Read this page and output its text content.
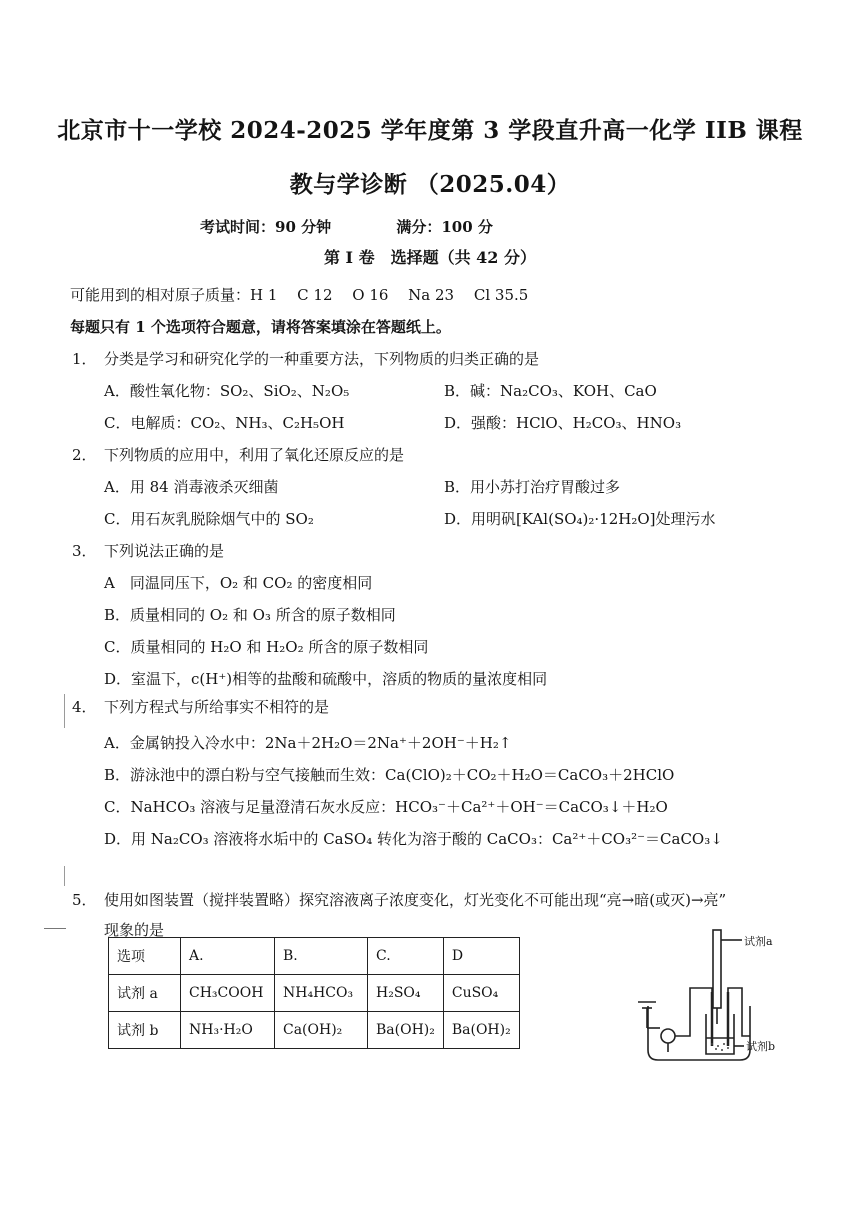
北京市十一学校 2024-2025 学年度第 3 学段直升高一化学 IIB 课程
教与学诊断 （2025.04）
考试时间：90 分钟	满分：100 分
第 I 卷　选择题（共 42 分）
可能用到的相对原子质量：H 1　 C 12　 O 16　 Na 23　 Cl 35.5
每题只有 1 个选项符合题意，请将答案填涂在答题纸上。
1． 分类是学习和研究化学的一种重要方法，下列物质的归类正确的是
A．酸性氧化物：SO₂、SiO₂、N₂O₅	B．碱：Na₂CO₃、KOH、CaO
C．电解质：CO₂、NH₃、C₂H₅OH	D．强酸：HClO、H₂CO₃、HNO₃
2． 下列物质的应用中，利用了氧化还原反应的是
A．用 84 消毒液杀灭细菌	B．用小苏打治疗胃酸过多
C．用石灰乳脱除烟气中的 SO₂	D．用明矾[KAl(SO₄)₂·12H₂O]处理污水
3． 下列说法正确的是
A　同温同压下，O₂ 和 CO₂ 的密度相同
B．质量相同的 O₂ 和 O₃ 所含的原子数相同
C．质量相同的 H₂O 和 H₂O₂ 所含的原子数相同
D．室温下，c(H⁺)相等的盐酸和硫酸中，溶质的物质的量浓度相同
4． 下列方程式与所给事实不相符的是
A．金属钠投入冷水中：2Na＋2H₂O＝2Na⁺＋2OH⁻＋H₂↑
B．游泳池中的漂白粉与空气接触而生效：Ca(ClO)₂＋CO₂＋H₂O＝CaCO₃＋2HClO
C．NaHCO₃ 溶液与足量澄清石灰水反应：HCO₃⁻＋Ca²⁺＋OH⁻＝CaCO₃↓＋H₂O
D．用 Na₂CO₃ 溶液将水垢中的 CaSO₄ 转化为溶于酸的 CaCO₃：Ca²⁺＋CO₃²⁻＝CaCO₃↓
5． 使用如图装置（搅拌装置略）探究溶液离子浓度变化，灯光变化不可能出现“亮→暗(或灭)→亮”
现象的是
选项	A.	B.	C.	D
试剂 a	CH₃COOH	NH₄HCO₃	H₂SO₄	CuSO₄
试剂 b	NH₃·H₂O	Ca(OH)₂	Ba(OH)₂	Ba(OH)₂
试剂a
试剂b
